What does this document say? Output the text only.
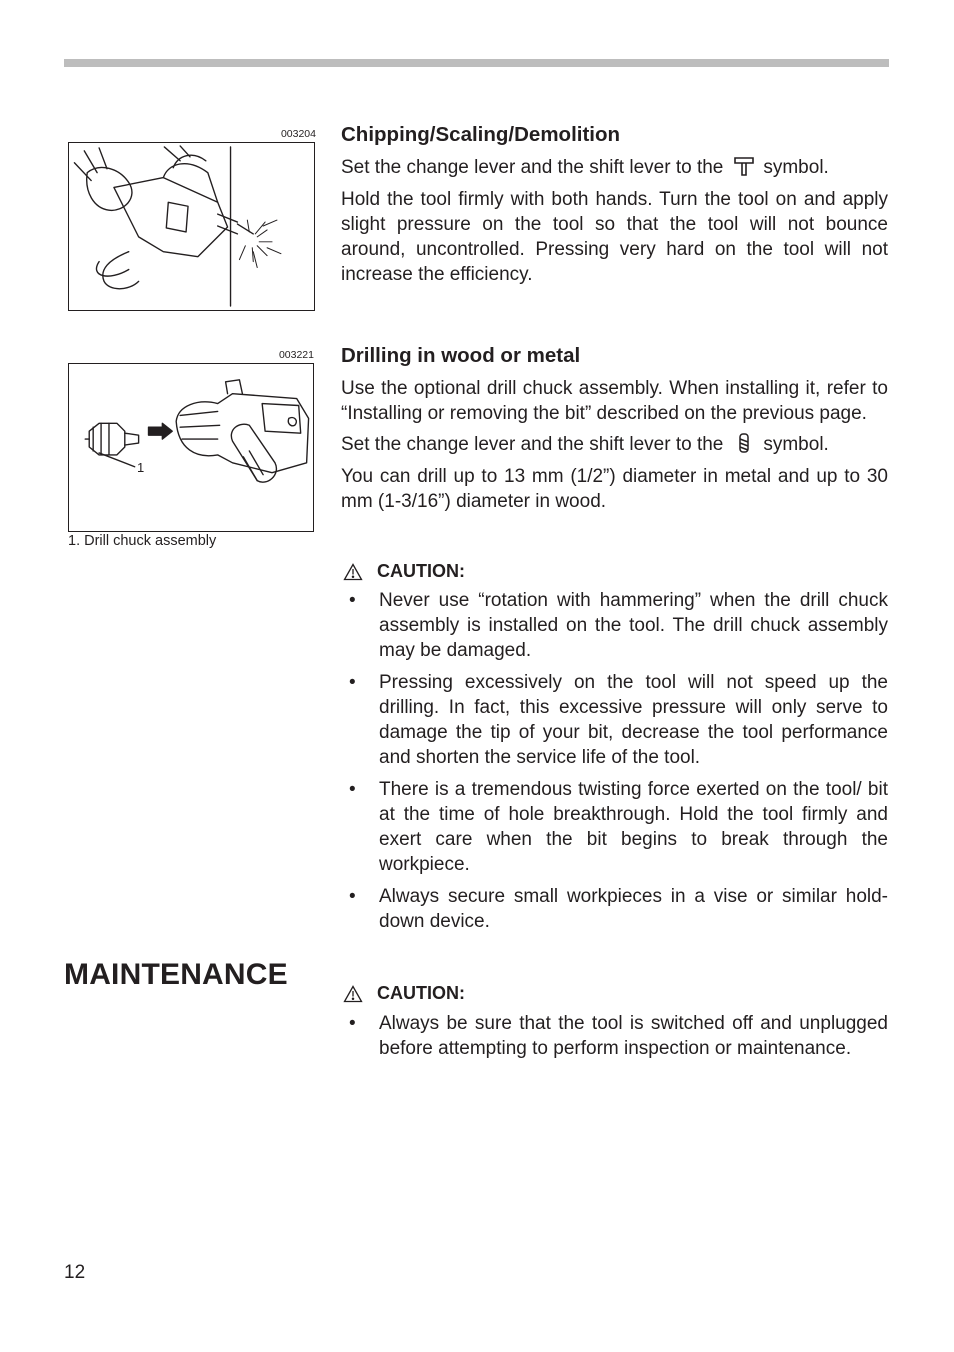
003204
003221
1
1. Drill chuck assembly
Chipping/Scaling/Demolition

Set the change lever and the shift lever to the symbol.

Hold the tool firmly with both hands. Turn the tool on and apply slight pressure on the tool so that the tool will not bounce around, uncontrolled. Pressing very hard on the tool will not increase the efficiency.

Drilling in wood or metal

Use the optional drill chuck assembly. When installing it, refer to “Installing or removing the bit” described on the previous page.

Set the change lever and the shift lever to the symbol.

You can drill up to 13 mm (1/2”) diameter in metal and up to 30 mm (1-3/16”) diameter in wood.

CAUTION:
• Never use “rotation with hammering” when the drill chuck assembly is installed on the tool. The drill chuck assembly may be damaged.
• Pressing excessively on the tool will not speed up the drilling. In fact, this excessive pressure will only serve to damage the tip of your bit, decrease the tool performance and shorten the service life of the tool.
• There is a tremendous twisting force exerted on the tool/ bit at the time of hole breakthrough. Hold the tool firmly and exert care when the bit begins to break through the workpiece.
• Always secure small workpieces in a vise or similar hold-down device.
MAINTENANCE
CAUTION:
• Always be sure that the tool is switched off and unplugged before attempting to perform inspection or maintenance.
12
